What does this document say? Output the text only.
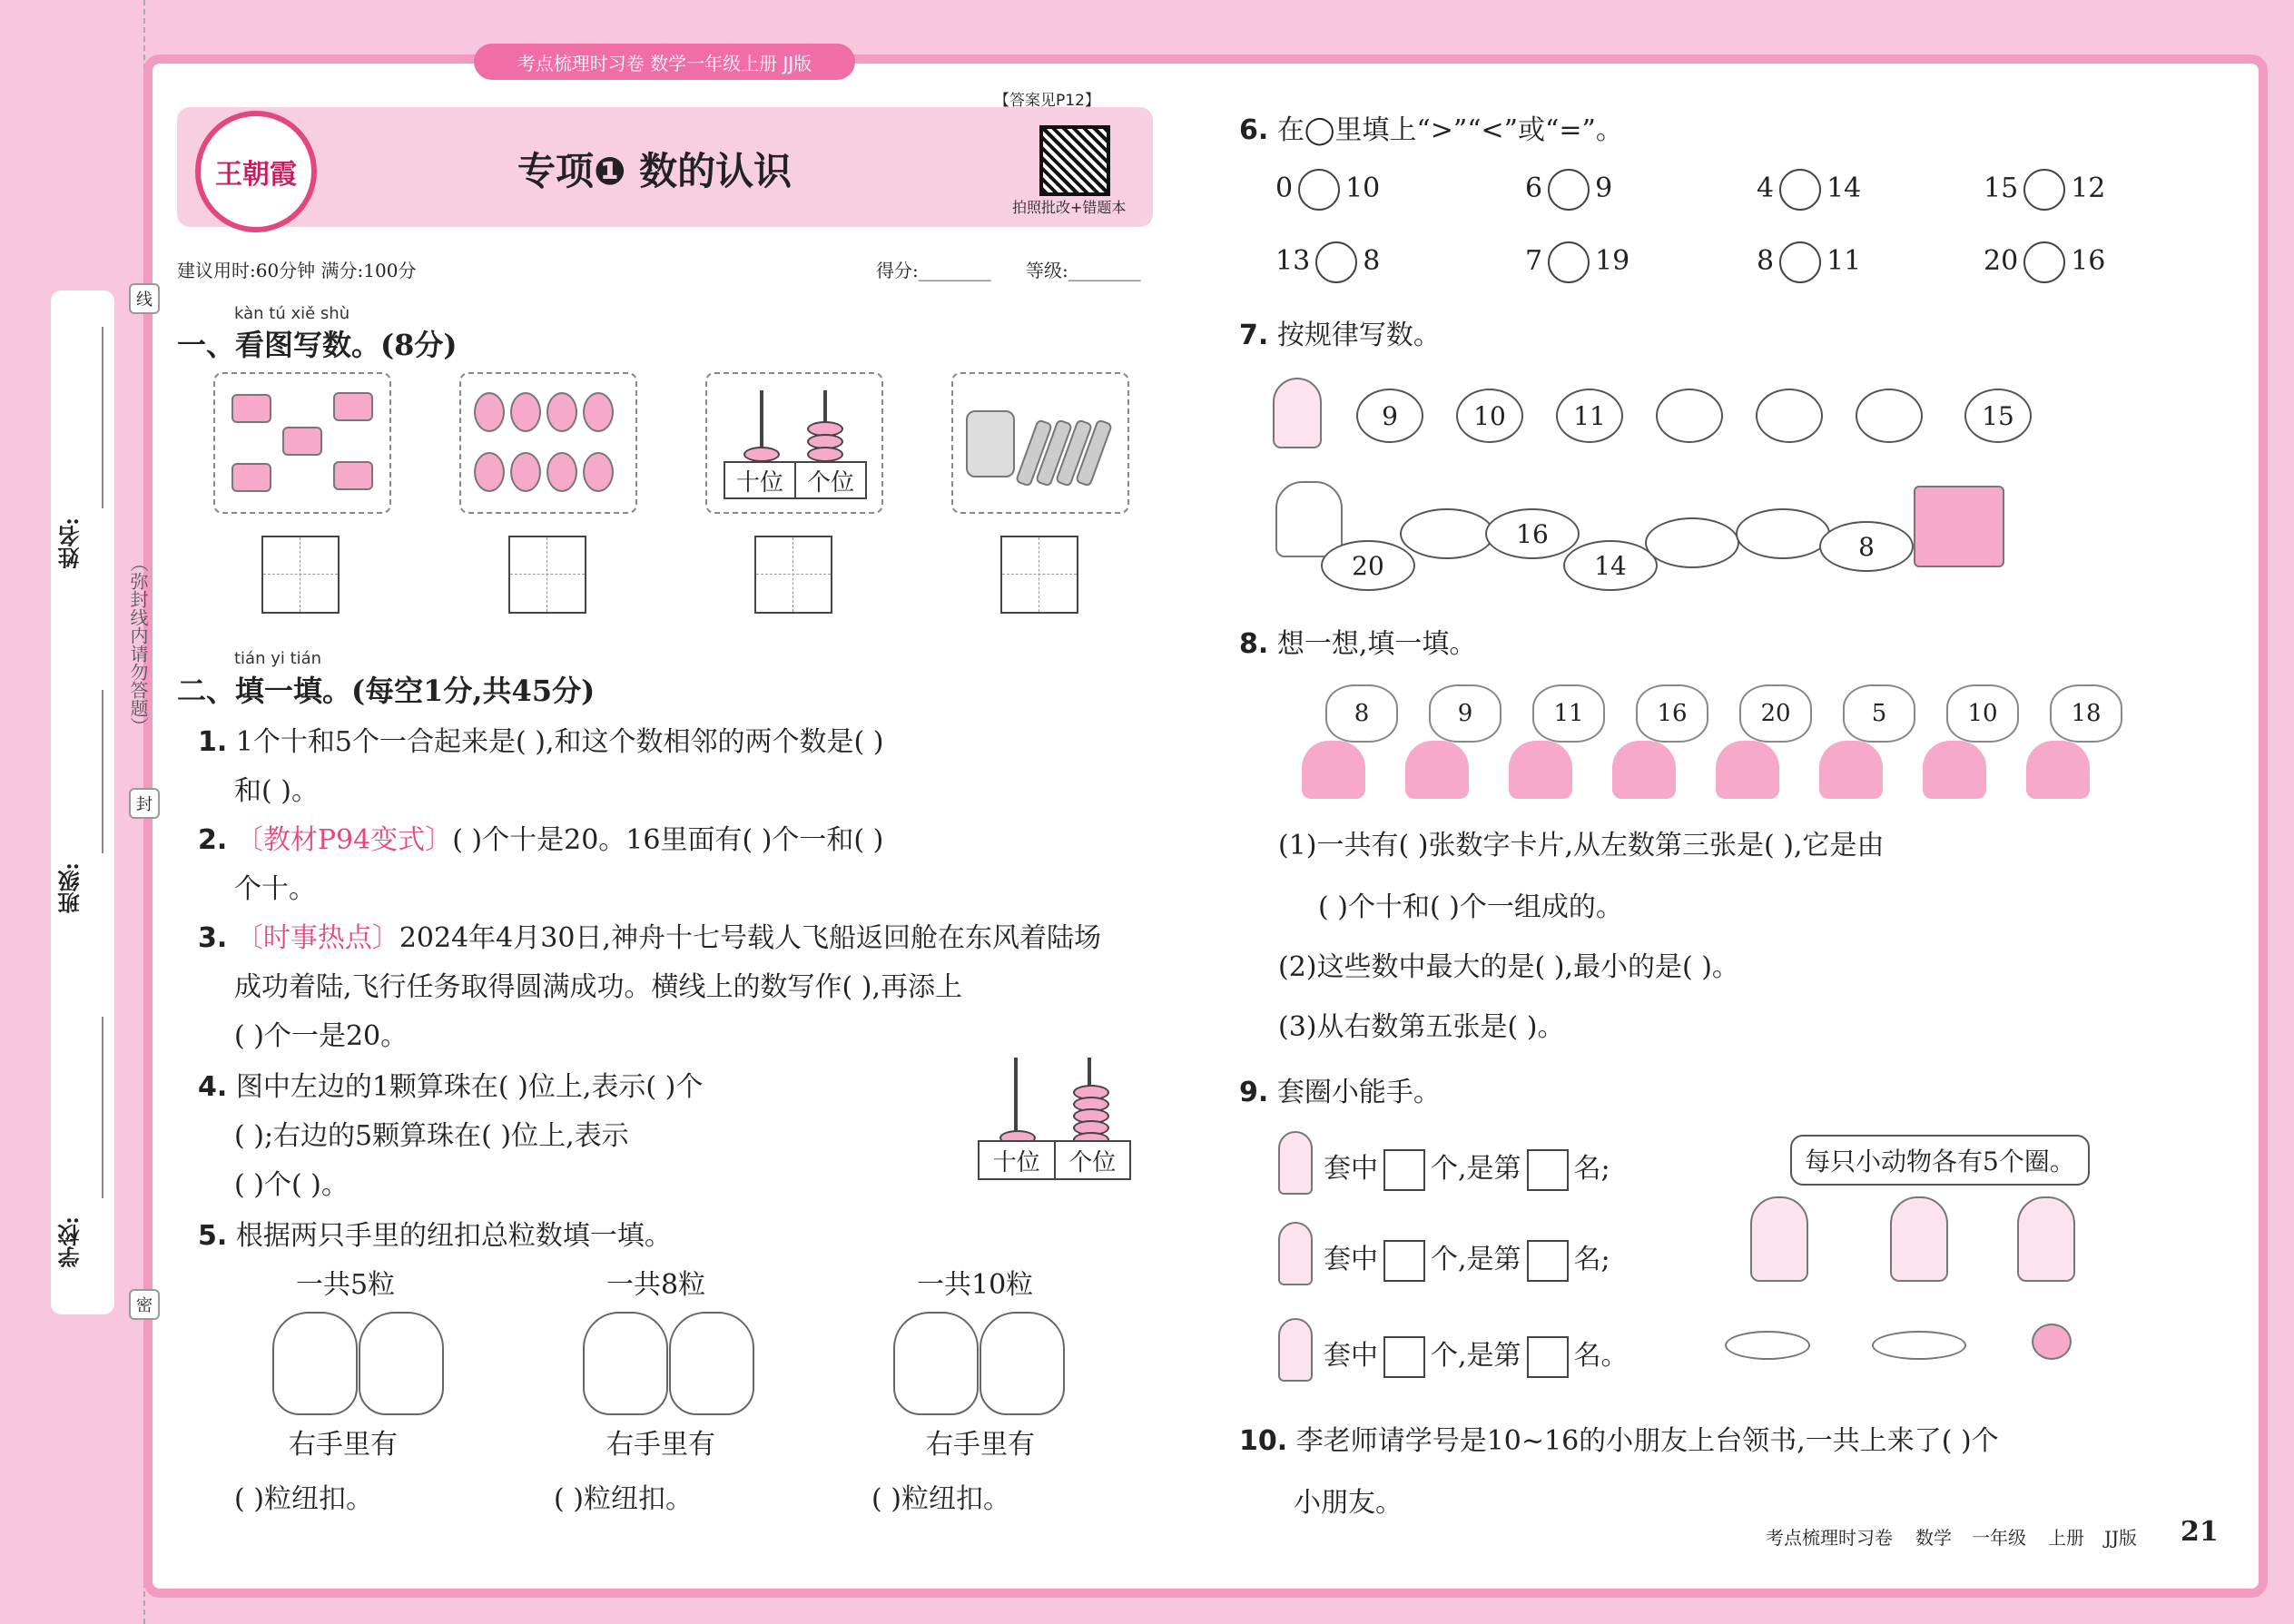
姓名:
班级:
学校:
线
封
密
（弥封线内请勿答题）
考点梳理时习卷 数学一年级上册 JJ版
王朝霞	专项❶ 数的认识
【答案见P12】
拍照批改+错题本
建议用时:60分钟 满分:100分	得分:________ 等级:________
kàn tú xiě shù
一、看图写数。(8分)
十位 个位
tián yi tián
二、填一填。(每空1分,共45分)
1. 1个十和5个一合起来是( ),和这个数相邻的两个数是( )
和( )。
2. 〔教材P94变式〕( )个十是20。16里面有( )个一和( )
个十。
3. 〔时事热点〕2024年4月30日,神舟十七号载人飞船返回舱在东风着陆场
成功着陆,飞行任务取得圆满成功。横线上的数写作( ),再添上
( )个一是20。
4. 图中左边的1颗算珠在( )位上,表示( )个
( );右边的5颗算珠在( )位上,表示
( )个( )。
十位	个位
5. 根据两只手里的纽扣总粒数填一填。
一共5粒	一共8粒	一共10粒
右手里有	右手里有	右手里有
( )粒纽扣。	( )粒纽扣。	( )粒纽扣。
6. 在◯里填上“>”“<”或“=”。
0 10	6 9	4 14	15 12
13 8	7 19	8 11	20 16
7. 按规律写数。
9	10	11	15
20
16
14
8
8. 想一想,填一填。
8	9	11	16	20	5	10	18
(1)一共有( )张数字卡片,从左数第三张是( ),它是由
( )个十和( )个一组成的。
(2)这些数中最大的是( ),最小的是( )。
(3)从右数第五张是( )。
9. 套圈小能手。
套中 个,是第 名;
套中 个,是第 名;
套中 个,是第 名。
每只小动物各有5个圈。
10. 李老师请学号是10~16的小朋友上台领书,一共上来了( )个
小朋友。
考点梳理时习卷 数学 一年级 上册 JJ版 21
